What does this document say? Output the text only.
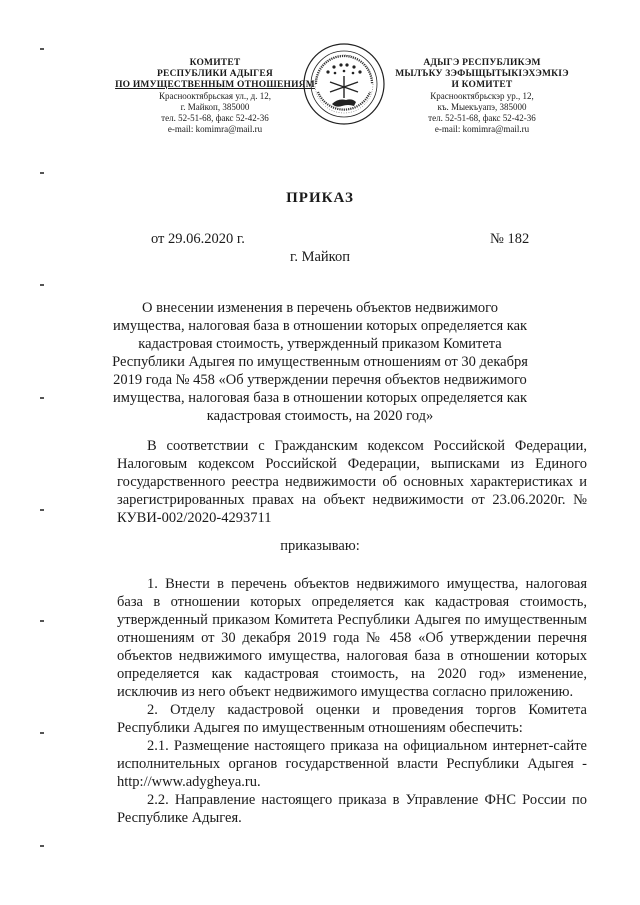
КОМИТЕТ
РЕСПУБЛИКИ АДЫГЕЯ
ПО ИМУЩЕСТВЕННЫМ ОТНОШЕНИЯМ
Краснооктябрьская ул., д. 12,
г. Майкоп, 385000
тел. 52-51-68, факс 52-42-36
e-mail: komimra@mail.ru
АДЫГЭ РЕСПУБЛИКЭМ
МЫЛЪКУ ЗЭФЫЩЫТЫКІЭХЭМКІЭ
И КОМИТЕТ
Краснооктябрьскэр ур., 12,
къ. Мыекъуапэ, 385000
тел. 52-51-68, факс 52-42-36
e-mail: komimra@mail.ru
ПРИКАЗ
от 29.06.2020 г.	№ 182
г. Майкоп
О внесении изменения в перечень объектов недвижимого имущества, налоговая база в отношении которых определяется как кадастровая стоимость, утвержденный приказом Комитета Республики Адыгея по имущественным отношениям от 30 декабря 2019 года № 458 «Об утверждении перечня объектов недвижимого имущества, налоговая база в отношении которых определяется как кадастровая стоимость, на 2020 год»
В соответствии с Гражданским кодексом Российской Федерации, Налоговым кодексом Российской Федерации, выписками из Единого государственного реестра недвижимости об основных характеристиках и зарегистрированных правах на объект недвижимости от 23.06.2020г. № КУВИ-002/2020-4293711
приказываю:
1. Внести в перечень объектов недвижимого имущества, налоговая база в отношении которых определяется как кадастровая стоимость, утвержденный приказом Комитета Республики Адыгея по имущественным отношениям от 30 декабря 2019 года № 458 «Об утверждении перечня объектов недвижимого имущества, налоговая база в отношении которых определяется как кадастровая стоимость, на 2020 год» изменение, исключив из него объект недвижимого имущества согласно приложению.
2. Отделу кадастровой оценки и проведения торгов Комитета Республики Адыгея по имущественным отношениям обеспечить:
2.1. Размещение настоящего приказа на официальном интернет-сайте исполнительных органов государственной власти Республики Адыгея - http://www.adygheya.ru.
2.2. Направление настоящего приказа в Управление ФНС России по Республике Адыгея.
